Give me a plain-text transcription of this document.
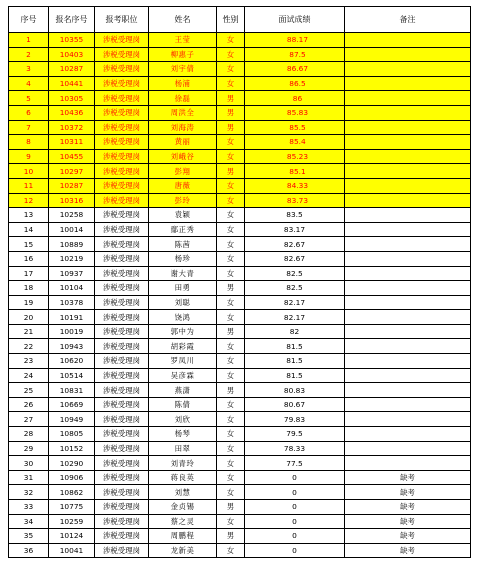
序号	报名序号	报考职位	姓名	性别	面试成绩	备注
1	10355	涉税受理岗	王莹	女	88.17	
2	10403	涉税受理岗	柳惠子	女	87.5	
3	10287	涉税受理岗	刘宇倩	女	86.67	
4	10441	涉税受理岗	杨浦	女	86.5	
5	10305	涉税受理岗	徐磊	男	86	
6	10436	涉税受理岗	周洪全	男	85.83	
7	10372	涉税受理岗	刘海涛	男	85.5	
8	10311	涉税受理岗	黄丽	女	85.4	
9	10455	涉税受理岗	刘峨谷	女	85.23	
10	10297	涉税受理岗	彭翔	男	85.1	
11	10287	涉税受理岗	唐薇	女	84.33	
12	10316	涉税受理岗	彭玲	女	83.73	
13	10258	涉税受理岗	袁颖	女	83.5	
14	10014	涉税受理岗	鄢正秀	女	83.17	
15	10889	涉税受理岗	陈茜	女	82.67	
16	10219	涉税受理岗	杨珍	女	82.67	
17	10937	涉税受理岗	谢大青	女	82.5	
18	10104	涉税受理岗	田勇	男	82.5	
19	10378	涉税受理岗	刘聪	女	82.17	
20	10191	涉税受理岗	饶鸿	女	82.17	
21	10019	涉税受理岗	郭中为	男	82	
22	10943	涉税受理岗	胡彩霞	女	81.5	
23	10620	涉税受理岗	罗凤川	女	81.5	
24	10514	涉税受理岗	吴彦霖	女	81.5	
25	10831	涉税受理岗	燕潇	男	80.83	
26	10669	涉税受理岗	陈倩	女	80.67	
27	10949	涉税受理岗	刘欣	女	79.83	
28	10805	涉税受理岗	杨琴	女	79.5	
29	10152	涉税受理岗	田翠	女	78.33	
30	10290	涉税受理岗	刘青玲	女	77.5	
31	10906	涉税受理岗	蒋良英	女	0	缺考
32	10862	涉税受理岗	刘慧	女	0	缺考
33	10775	涉税受理岗	金贞锡	男	0	缺考
34	10259	涉税受理岗	蔡之灵	女	0	缺考
35	10124	涉税受理岗	周鹏程	男	0	缺考
36	10041	涉税受理岗	龙新美	女	0	缺考
